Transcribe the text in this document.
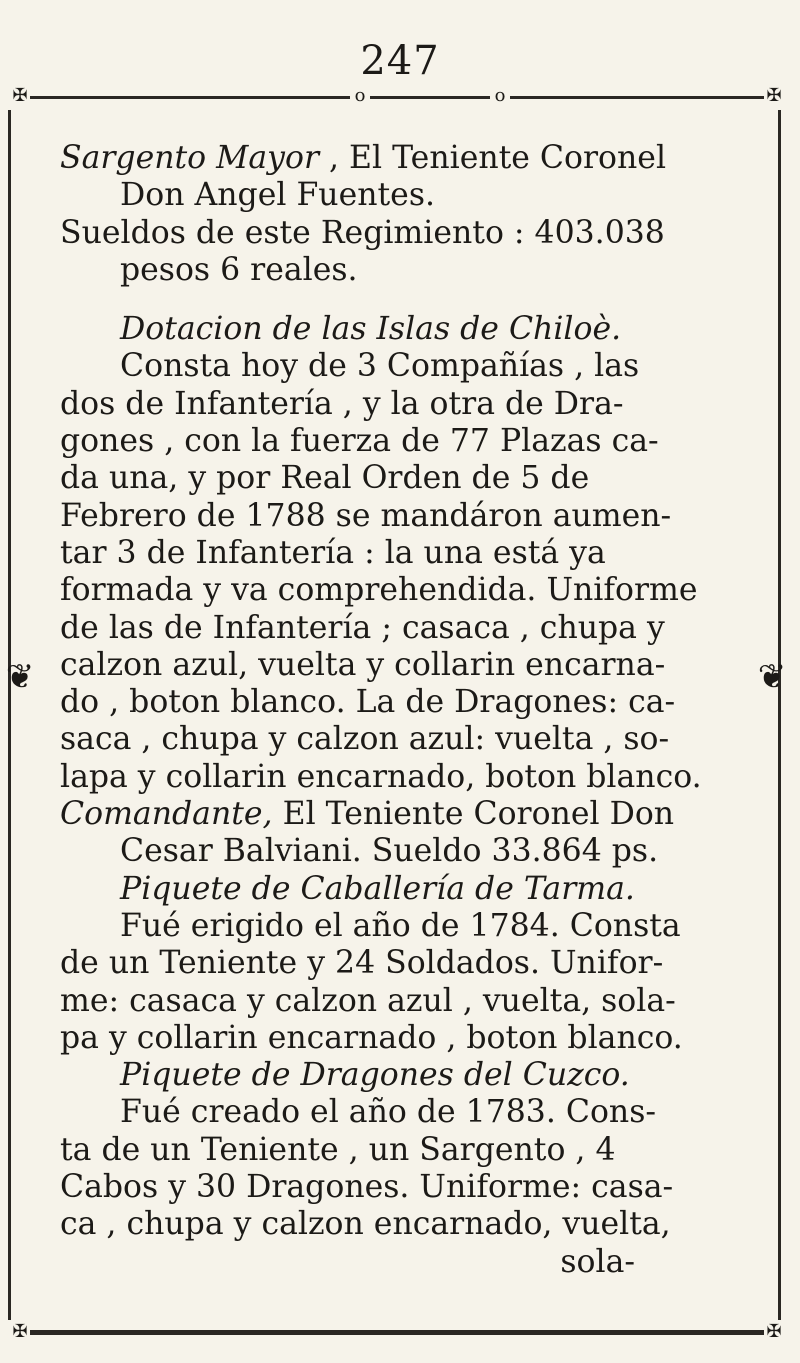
247
✠	o	o	✠
❦	❦
✠	✠
Sargento Mayor , El Teniente Coronel
Don Angel Fuentes.
Sueldos de este Regimiento : 403.038
pesos 6 reales.
Dotacion de las Islas de Chiloè.
Consta hoy de 3 Compañías , las
dos de Infantería , y la otra de Dra-
gones , con la fuerza de 77 Plazas ca-
da una, y por Real Orden de 5 de
Febrero de 1788 se mandáron aumen-
tar 3 de Infantería : la una está ya
formada y va comprehendida. Uniforme
de las de Infantería ; casaca , chupa y
calzon azul, vuelta y collarin encarna-
do , boton blanco. La de Dragones: ca-
saca , chupa y calzon azul: vuelta , so-
lapa y collarin encarnado, boton blanco.
Comandante, El Teniente Coronel Don
Cesar Balviani. Sueldo 33.864 ps.
Piquete de Caballería de Tarma.
Fué erigido el año de 1784. Consta
de un Teniente y 24 Soldados. Unifor-
me: casaca y calzon azul , vuelta, sola-
pa y collarin encarnado , boton blanco.
Piquete de Dragones del Cuzco.
Fué creado el año de 1783. Cons-
ta de un Teniente , un Sargento , 4
Cabos y 30 Dragones. Uniforme: casa-
ca , chupa y calzon encarnado, vuelta,
sola-
